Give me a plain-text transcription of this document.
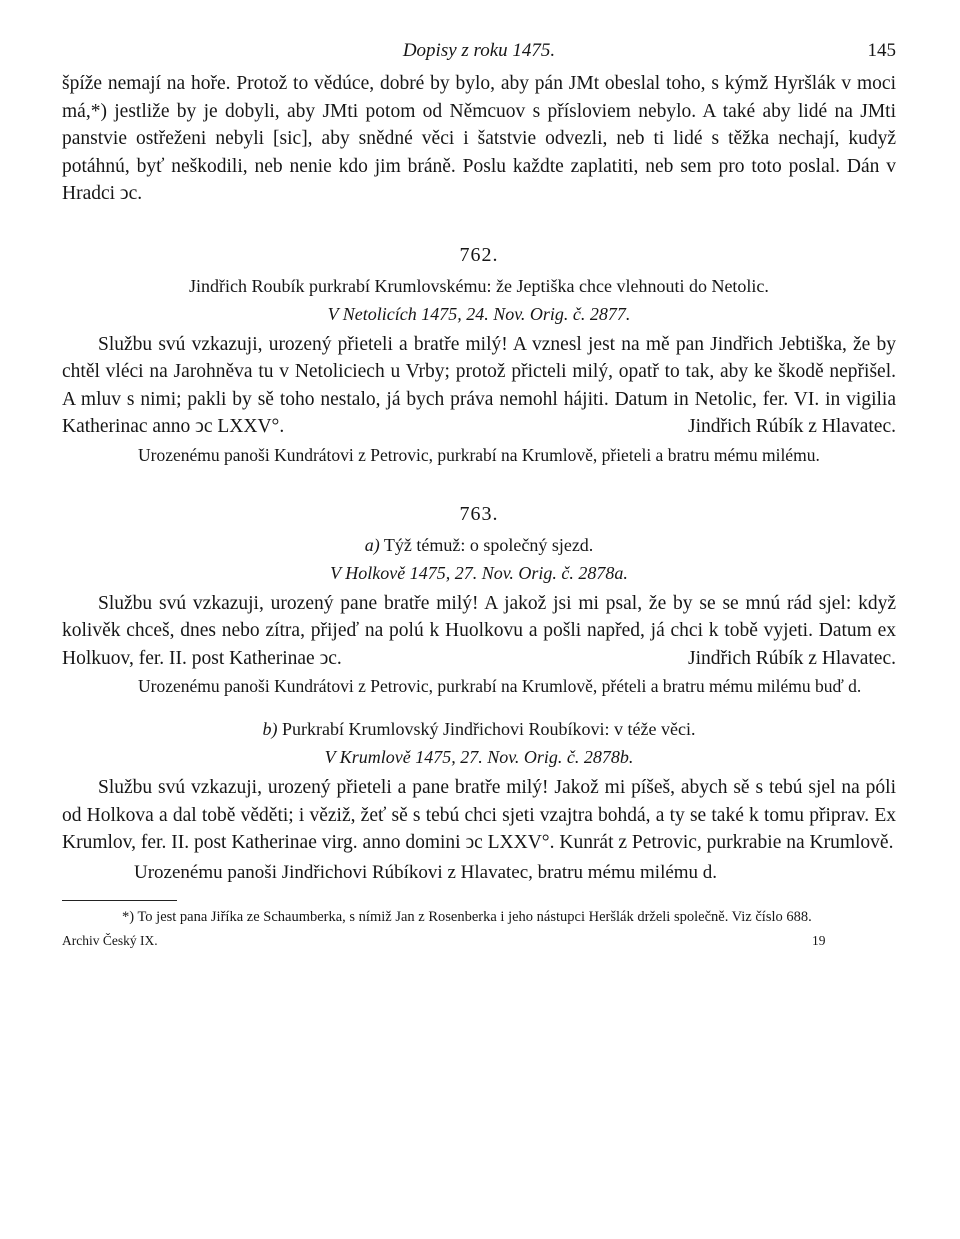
Dopisy z roku 1475.	145

špíže nemají na hoře. Protož to vědúce, dobré by bylo, aby pán JMt obeslal toho, s kýmž Hyršlák v moci má,*) jestliže by je dobyli, aby JMti potom od Němcuov s přísloviem nebylo. A také aby lidé na JMti panstvie ostřeženi nebyli [sic], aby snědné věci i šatstvie odvezli, neb ti lidé s těžka nechají, kudyž potáhnú, byť neškodili, neb nenie kdo jim bráně. Poslu každte zaplatiti, neb sem pro toto poslal. Dán v Hradci ͻc.

762.
Jindřich Roubík purkrabí Krumlovskému: že Jeptiška chce vlehnouti do Netolic.
V Netolicích 1475, 24. Nov. Orig. č. 2877.

Službu svú vzkazuji, urozený přieteli a bratře milý! A vznesl jest na mě pan Jindřich Jebtiška, že by chtěl vléci na Jarohněva tu v Netoliciech u Vrby; protož přicteli milý, opatř to tak, aby ke škodě nepřišel. A mluv s nimi; pakli by sě toho nestalo, já bych práva nemohl hájiti. Datum in Netolic, fer. VI. in vigilia Katherinac anno ͻc LXXV°.	Jindřich Rúbík z Hlavatec.

Urozenému panoši Kundrátovi z Petrovic, purkrabí na Krumlově, přieteli a bratru mému milému.

763.
a) Týž témuž: o společný sjezd.
V Holkově 1475, 27. Nov. Orig. č. 2878a.

Službu svú vzkazuji, urozený pane bratře milý! A jakož jsi mi psal, že by se se mnú rád sjel: když kolivěk chceš, dnes nebo zítra, přijeď na polú k Huolkovu a pošli napřed, já chci k tobě vyjeti. Datum ex Holkuov, fer. II. post Katherinae ͻc.	Jindřich Rúbík z Hlavatec.

Urozenému panoši Kundrátovi z Petrovic, purkrabí na Krumlově, přételi a bratru mému milému buď d.

b) Purkrabí Krumlovský Jindřichovi Roubíkovi: v téže věci.
V Krumlově 1475, 27. Nov. Orig. č. 2878b.

Službu svú vzkazuji, urozený přieteli a pane bratře milý! Jakož mi píšeš, abych sě s tebú sjel na póli od Holkova a dal tobě věděti; i věziž, žeť sě s tebú chci sjeti vzajtra bohdá, a ty se také k tomu připrav. Ex Krumlov, fer. II. post Katherinae virg. anno domini ͻc LXXV°. Kunrát z Petrovic, purkrabie na Krumlově.

Urozenému panoši Jindřichovi Rúbíkovi z Hlavatec, bratru mému milému d.

*) To jest pana Jiříka ze Schaumberka, s nímiž Jan z Rosenberka i jeho nástupci Heršlák drželi společně. Viz číslo 688.

Archiv Český IX.	19
